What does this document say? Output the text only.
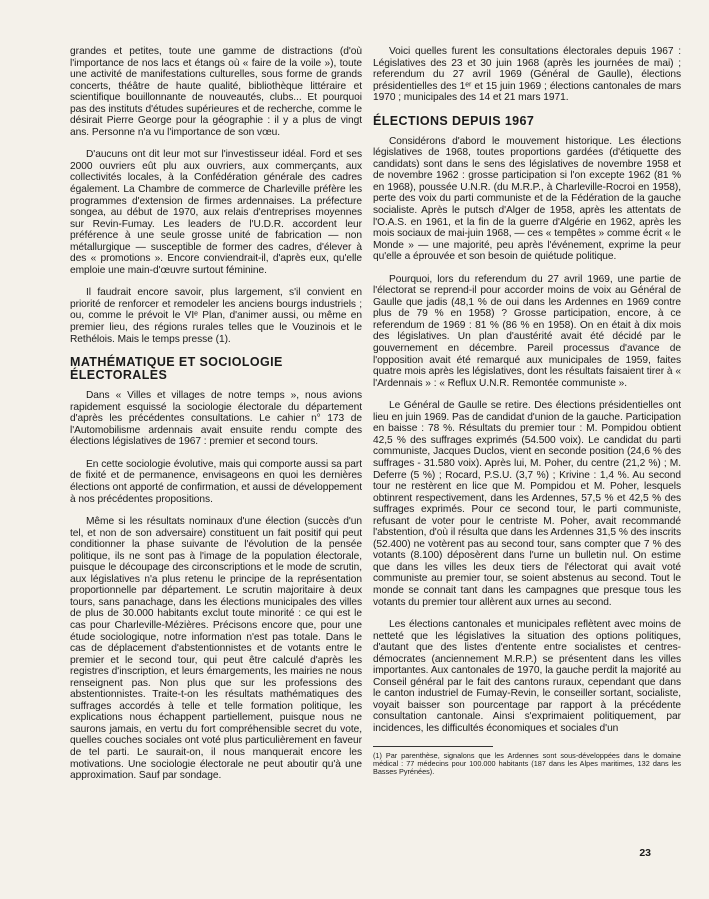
grandes et petites, toute une gamme de distractions (d'où l'importance de nos lacs et étangs où « faire de la voile »), toute une activité de manifestations culturelles, sous forme de grands concerts, théâtre de haute qualité, bibliothèque littéraire et scientifique bouillonnante de nouveautés, clubs... Et pourquoi pas des instituts d'études supérieures et de recherche, comme le désirait Pierre George pour la géographie : il y a plus de vingt ans. Personne n'a vu l'importance de son vœu.

D'aucuns ont dit leur mot sur l'investisseur idéal. Ford et ses 2000 ouvriers eût plu aux ouvriers, aux commerçants, aux collectivités locales, à la Confédération générale des cadres également. La Chambre de commerce de Charleville préfère les programmes d'extension de firmes ardennaises. La préfecture songea, au début de 1970, aux relais d'entreprises moyennes sur Revin-Fumay. Les leaders de l'U.D.R. accordent leur préférence à une seule grosse unité de fabrication — non métallurgique — susceptible de former des cadres, d'élever à des « promotions ». Encore conviendrait-il, d'après eux, qu'elle emploie une main-d'œuvre surtout féminine.

Il faudrait encore savoir, plus largement, s'il convient en priorité de renforcer et remodeler les anciens bourgs industriels ; ou, comme le prévoit le VIᵉ Plan, d'animer aussi, ou même en premier lieu, des régions rurales telles que le Vouzinois et le Rethélois. Mais le temps presse (1).

MATHÉMATIQUE ET SOCIOLOGIE ÉLECTORALES

Dans « Villes et villages de notre temps », nous avions rapidement esquissé la sociologie électorale du département d'après les précédentes consultations. Le cahier n° 173 de l'Automobilisme ardennais avait ensuite rendu compte des élections législatives de 1967 : premier et second tours.

En cette sociologie évolutive, mais qui comporte aussi sa part de fixité et de permanence, envisageons en quoi les dernières élections ont apporté de confirmation, et aussi de développement à nos précédentes propositions.

Même si les résultats nominaux d'une élection (succès d'un tel, et non de son adversaire) constituent un fait positif qui peut conditionner la phase suivante de l'évolution de la pensée politique, ils ne sont pas à l'image de la population électorale, puisque le découpage des circonscriptions et le mode de scrutin, aux législatives n'a plus retenu le principe de la représentation proportionnelle par département. Le scrutin majoritaire à deux tours, sans panachage, dans les élections municipales des villes de plus de 30.000 habitants exclut toute minorité : ce qui est le cas pour Charleville-Mézières. Précisons encore que, pour une étude sociologique, notre information n'est pas totale. Dans le cas de déplacement d'abstentionnistes et de votants entre le premier et le second tour, qui peut être calculé d'après les registres d'inscription, et leurs émargements, les mairies ne nous renseignent pas. Non plus que sur les professions des abstentionnistes. Traite-t-on les résultats mathématiques des suffrages accordés à telle et telle formation politique, les explications nous échappent partiellement, puisque nous ne saurons jamais, en vertu du fort compréhensible secret du vote, quelles couches sociales ont voté plus particulièrement en faveur de tel parti. Le saurait-on, il nous manquerait encore les motivations. Une sociologie électorale ne peut aboutir qu'à une approximation. Sauf par sondage.

Voici quelles furent les consultations électorales depuis 1967 : Législatives des 23 et 30 juin 1968 (après les journées de mai) ; referendum du 27 avril 1969 (Général de Gaulle), élections présidentielles des 1ᵉʳ et 15 juin 1969 ; élections cantonales de mars 1970 ; municipales des 14 et 21 mars 1971.

ÉLECTIONS DEPUIS 1967

Considérons d'abord le mouvement historique. Les élections législatives de 1968, toutes proportions gardées (d'étiquette des candidats) sont dans le sens des législatives de novembre 1958 et de novembre 1962 : grosse participation si l'on excepte 1962 (81 % en 1968), poussée U.N.R. (du M.R.P., à Charleville-Rocroi en 1958), perte des voix du parti communiste et de la Fédération de la gauche socialiste. Après le putsch d'Alger de 1958, après les attentats de l'O.A.S. en 1961, et la fin de la guerre d'Algérie en 1962, après les mois sociaux de mai-juin 1968, — ces « tempêtes » comme écrit « le Monde » — une majorité, peu après l'événement, exprime la peur qu'elle a éprouvée et son besoin de quiétude politique.

Pourquoi, lors du referendum du 27 avril 1969, une partie de l'électorat se reprend-il pour accorder moins de voix au Général de Gaulle que jadis (48,1 % de oui dans les Ardennes en 1969 contre plus de 79 % en 1958) ? Grosse participation, encore, à ce referendum de 1969 : 81 % (86 % en 1958). On en était à dix mois des législatives. Un plan d'austérité avait été décidé par le gouvernement en décembre. Pareil processus d'avance de l'opposition avait été remarqué aux municipales de 1959, faites quatre mois après les législatives, dont les résultats faisaient tirer à « l'Ardennais » : « Reflux U.N.R. Remontée communiste ».

Le Général de Gaulle se retire. Des élections présidentielles ont lieu en juin 1969. Pas de candidat d'union de la gauche. Participation en baisse : 78 %. Résultats du premier tour : M. Pompidou obtient 42,5 % des suffrages exprimés (54.500 voix). Le candidat du parti communiste, Jacques Duclos, vient en seconde position (24,6 % des suffrages - 31.580 voix). Après lui, M. Poher, du centre (21,2 %) ; M. Deferre (5 %) ; Rocard, P.S.U. (3,7 %) ; Krivine : 1,4 %. Au second tour ne restèrent en lice que M. Pompidou et M. Poher, lesquels obtinrent respectivement, dans les Ardennes, 57,5 % et 42,5 % des suffrages exprimés. Pour ce second tour, le parti communiste, refusant de voter pour le centriste M. Poher, avait recommandé l'abstention, d'où il résulta que dans les Ardennes 31,5 % des inscrits (52.400) ne votèrent pas au second tour, sans compter que 7 % des votants (8.100) déposèrent dans l'urne un bulletin nul. On estime que dans les villes les deux tiers de l'électorat qui avait voté communiste au premier tour, se soient abstenus au second. Tout le monde se connait tant dans les campagnes que presque tous les votants du premier tour allèrent aux urnes au second.

Les élections cantonales et municipales reflètent avec moins de netteté que les législatives la situation des options politiques, d'autant que des listes d'entente entre socialistes et centres-démocrates (anciennement M.R.P.) se présentent dans les villes importantes. Aux cantonales de 1970, la gauche perdit la majorité au Conseil général par le fait des cantons ruraux, cependant que dans le canton industriel de Fumay-Revin, le conseiller sortant, socialiste, voyait baisser son pourcentage par rapport à la précédente consultation cantonale. Ainsi s'exprimaient politiquement, par incidences, les difficultés économiques et sociales d'un

(1) Par parenthèse, signalons que les Ardennes sont sous-développées dans le domaine médical : 77 médecins pour 100.000 habitants (187 dans les Alpes maritimes, 132 dans les Basses Pyrénées).
23
